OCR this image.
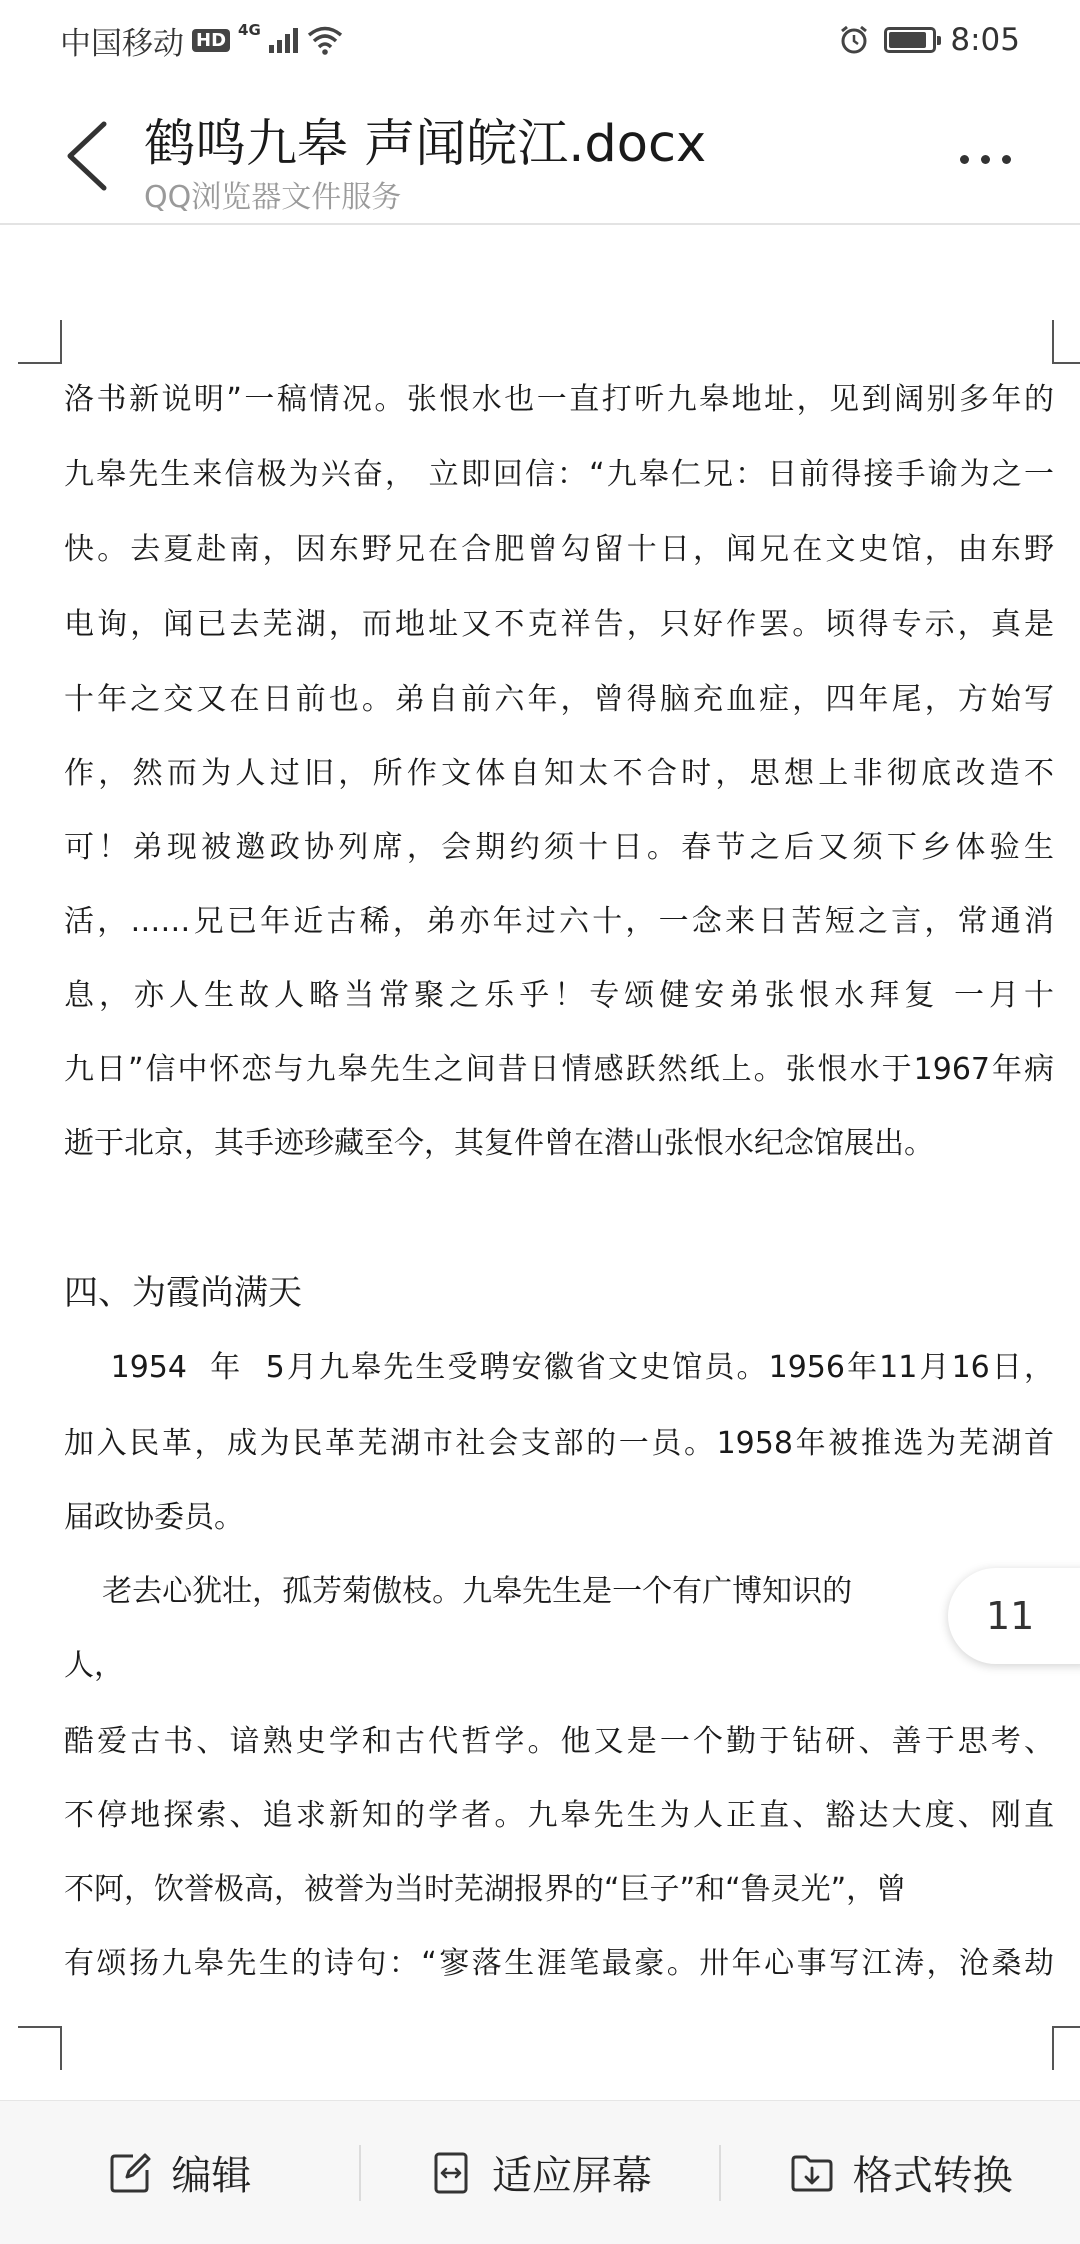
中国移动 HD 4G	8:05
鹤鸣九皋 声闻皖江.docx
QQ浏览器文件服务
洛书新说明”一稿情况。张恨水也一直打听九皋地址，见到阔别多年的
九皋先生来信极为兴奋， 立即回信：“九皋仁兄：日前得接手谕为之一
快。去夏赴南，因东野兄在合肥曾勾留十日，闻兄在文史馆，由东野
电询，闻已去芜湖，而地址又不克祥告，只好作罢。顷得专示，真是
十年之交又在日前也。弟自前六年，曾得脑充血症，四年尾，方始写
作，然而为人过旧，所作文体自知太不合时，思想上非彻底改造不
可！弟现被邀政协列席，会期约须十日。春节之后又须下乡体验生
活，……兄已年近古稀，弟亦年过六十，一念来日苦短之言，常通消
息，亦人生故人略当常聚之乐乎！专颂健安弟张恨水拜复 一月十
九日”信中怀恋与九皋先生之间昔日情感跃然纸上。张恨水于1967年病
逝于北京，其手迹珍藏至今，其复件曾在潜山张恨水纪念馆展出。
四、为霞尚满天
1954  年  5月九皋先生受聘安徽省文史馆员。1956年11月16日，
加入民革，成为民革芜湖市社会支部的一员。1958年被推选为芜湖首
届政协委员。
老去心犹壮，孤芳菊傲枝。九皋先生是一个有广博知识的
人，
酷爱古书、谙熟史学和古代哲学。他又是一个勤于钻研、善于思考、
不停地探索、追求新知的学者。九皋先生为人正直、豁达大度、刚直
不阿，饮誉极高，被誉为当时芜湖报界的“巨子”和“鲁灵光”，曾
有颂扬九皋先生的诗句：“寥落生涯笔最豪。卅年心事写江涛，沧桑劫
11
编辑	适应屏幕	格式转换
